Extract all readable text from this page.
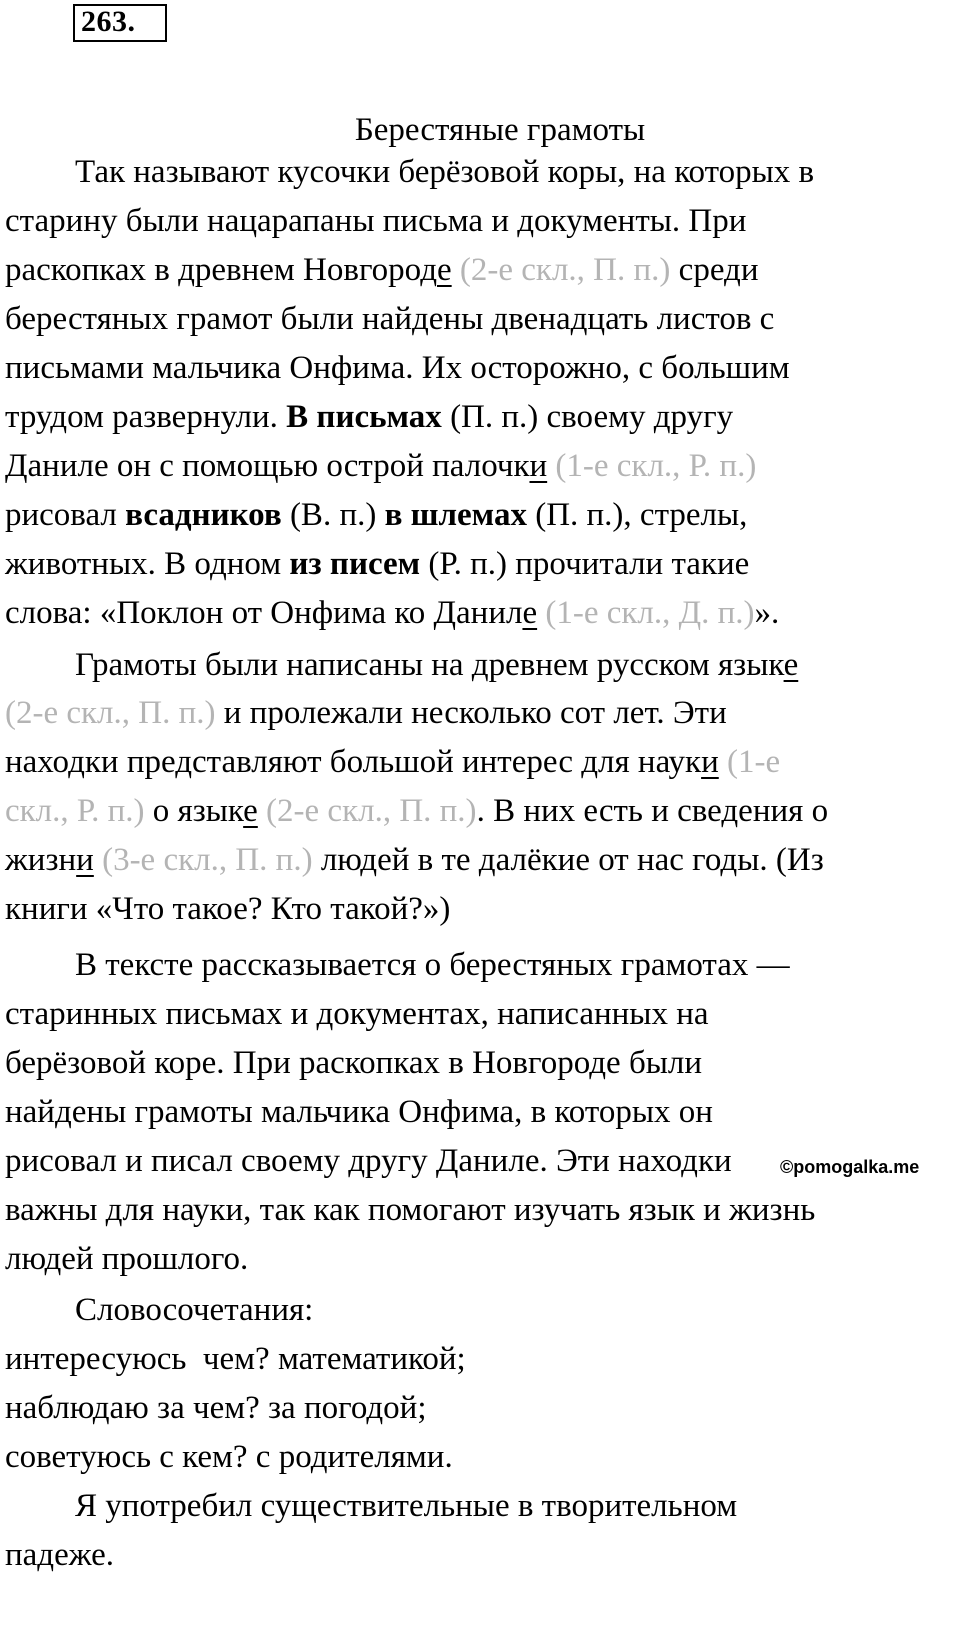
263.
Берестяные грамоты
Так называют кусочки берёзовой коры, на которых в
старину были нацарапаны письма и документы. При
раскопках в древнем Новгороде (2-е скл., П. п.) среди
берестяных грамот были найдены двенадцать листов с
письмами мальчика Онфима. Их осторожно, с большим
трудом развернули. В письмах (П. п.) своему другу
Даниле он с помощью острой палочки (1-е скл., Р. п.)
рисовал всадников (В. п.) в шлемах (П. п.), стрелы,
животных. В одном из писем (Р. п.) прочитали такие
слова: «Поклон от Онфима ко Даниле (1-е скл., Д. п.)».
Грамоты были написаны на древнем русском языке
(2-е скл., П. п.) и пролежали несколько сот лет. Эти
находки представляют большой интерес для науки (1-е
скл., Р. п.) о языке (2-е скл., П. п.). В них есть и сведения о
жизни (3-е скл., П. п.) людей в те далёкие от нас годы. (Из
книги «Что такое? Кто такой?»)
В тексте рассказывается о берестяных грамотах —
старинных письмах и документах, написанных на
берёзовой коре. При раскопках в Новгороде были
найдены грамоты мальчика Онфима, в которых он
рисовал и писал своему другу Даниле. Эти находки
важны для науки, так как помогают изучать язык и жизнь
людей прошлого.
Словосочетания:
интересуюсь  чем? математикой;
наблюдаю за чем? за погодой;
советуюсь с кем? с родителями.
Я употребил существительные в творительном
падеже.
©pomogalka.me
